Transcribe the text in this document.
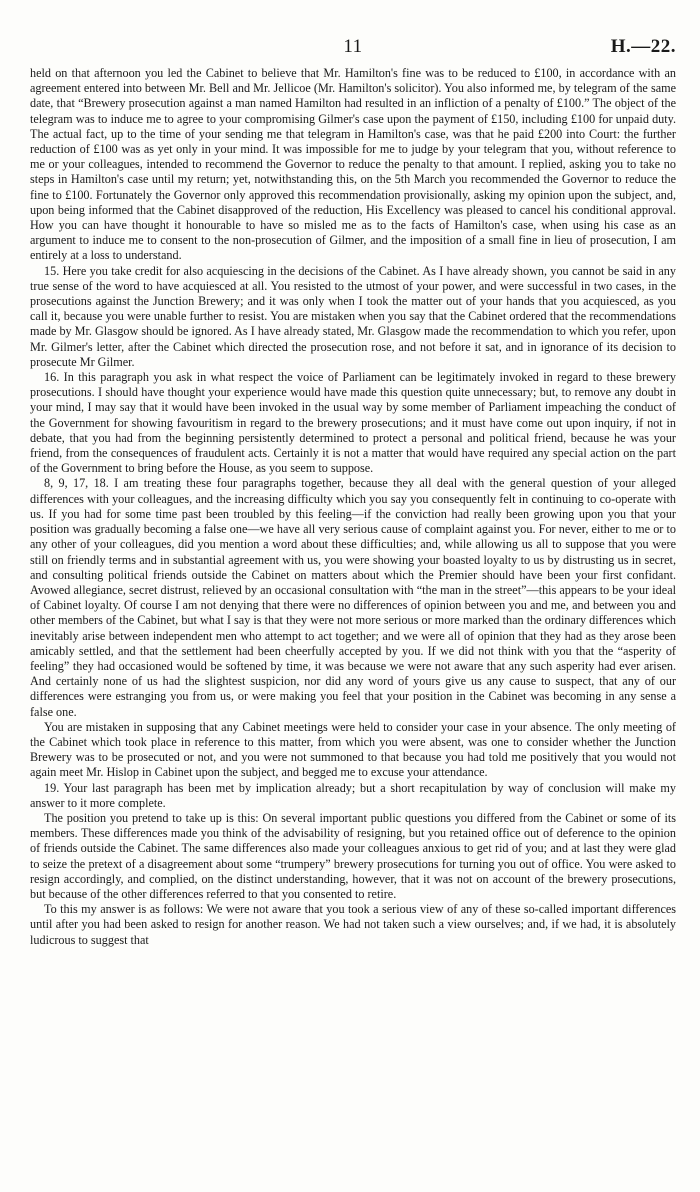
11	H.—22.

held on that afternoon you led the Cabinet to believe that Mr. Hamilton's fine was to be reduced to £100, in accordance with an agreement entered into between Mr. Bell and Mr. Jellicoe (Mr. Hamilton's solicitor). You also informed me, by telegram of the same date, that “Brewery prosecution against a man named Hamilton had resulted in an infliction of a penalty of £100.” The object of the telegram was to induce me to agree to your compromising Gilmer's case upon the payment of £150, including £100 for unpaid duty. The actual fact, up to the time of your sending me that telegram in Hamilton's case, was that he paid £200 into Court: the further reduction of £100 was as yet only in your mind. It was impossible for me to judge by your telegram that you, without reference to me or your colleagues, intended to recommend the Governor to reduce the penalty to that amount. I replied, asking you to take no steps in Hamilton's case until my return; yet, notwithstanding this, on the 5th March you recommended the Governor to reduce the fine to £100. Fortunately the Governor only approved this recommendation provisionally, asking my opinion upon the subject, and, upon being informed that the Cabinet disapproved of the reduction, His Excellency was pleased to cancel his conditional approval. How you can have thought it honourable to have so misled me as to the facts of Hamilton's case, when using his case as an argument to induce me to consent to the non-prosecution of Gilmer, and the imposition of a small fine in lieu of prosecution, I am entirely at a loss to understand.

15. Here you take credit for also acquiescing in the decisions of the Cabinet. As I have already shown, you cannot be said in any true sense of the word to have acquiesced at all. You resisted to the utmost of your power, and were successful in two cases, in the prosecutions against the Junction Brewery; and it was only when I took the matter out of your hands that you acquiesced, as you call it, because you were unable further to resist. You are mistaken when you say that the Cabinet ordered that the recommendations made by Mr. Glasgow should be ignored. As I have already stated, Mr. Glasgow made the recommendation to which you refer, upon Mr. Gilmer's letter, after the Cabinet which directed the prosecution rose, and not before it sat, and in ignorance of its decision to prosecute Mr Gilmer.

16. In this paragraph you ask in what respect the voice of Parliament can be legitimately invoked in regard to these brewery prosecutions. I should have thought your experience would have made this question quite unnecessary; but, to remove any doubt in your mind, I may say that it would have been invoked in the usual way by some member of Parliament impeaching the conduct of the Government for showing favouritism in regard to the brewery prosecutions; and it must have come out upon inquiry, if not in debate, that you had from the beginning persistently determined to protect a personal and political friend, because he was your friend, from the consequences of fraudulent acts. Certainly it is not a matter that would have required any special action on the part of the Government to bring before the House, as you seem to suppose.

8, 9, 17, 18. I am treating these four paragraphs together, because they all deal with the general question of your alleged differences with your colleagues, and the increasing difficulty which you say you consequently felt in continuing to co-operate with us. If you had for some time past been troubled by this feeling—if the conviction had really been growing upon you that your position was gradually becoming a false one—we have all very serious cause of complaint against you. For never, either to me or to any other of your colleagues, did you mention a word about these difficulties; and, while allowing us all to suppose that you were still on friendly terms and in substantial agreement with us, you were showing your boasted loyalty to us by distrusting us in secret, and consulting political friends outside the Cabinet on matters about which the Premier should have been your first confidant. Avowed allegiance, secret distrust, relieved by an occasional consultation with “the man in the street”—this appears to be your ideal of Cabinet loyalty. Of course I am not denying that there were no differences of opinion between you and me, and between you and other members of the Cabinet, but what I say is that they were not more serious or more marked than the ordinary differences which inevitably arise between independent men who attempt to act together; and we were all of opinion that they had as they arose been amicably settled, and that the settlement had been cheerfully accepted by you. If we did not think with you that the “asperity of feeling” they had occasioned would be softened by time, it was because we were not aware that any such asperity had ever arisen. And certainly none of us had the slightest suspicion, nor did any word of yours give us any cause to suspect, that any of our differences were estranging you from us, or were making you feel that your position in the Cabinet was becoming in any sense a false one.

You are mistaken in supposing that any Cabinet meetings were held to consider your case in your absence. The only meeting of the Cabinet which took place in reference to this matter, from which you were absent, was one to consider whether the Junction Brewery was to be prosecuted or not, and you were not summoned to that because you had told me positively that you would not again meet Mr. Hislop in Cabinet upon the subject, and begged me to excuse your attendance.

19. Your last paragraph has been met by implication already; but a short recapitulation by way of conclusion will make my answer to it more complete.

The position you pretend to take up is this: On several important public questions you differed from the Cabinet or some of its members. These differences made you think of the advisability of resigning, but you retained office out of deference to the opinion of friends outside the Cabinet. The same differences also made your colleagues anxious to get rid of you; and at last they were glad to seize the pretext of a disagreement about some “trumpery” brewery prosecutions for turning you out of office. You were asked to resign accordingly, and complied, on the distinct understanding, however, that it was not on account of the brewery prosecutions, but because of the other differences referred to that you consented to retire.

To this my answer is as follows: We were not aware that you took a serious view of any of these so-called important differences until after you had been asked to resign for another reason. We had not taken such a view ourselves; and, if we had, it is absolutely ludicrous to suggest that
